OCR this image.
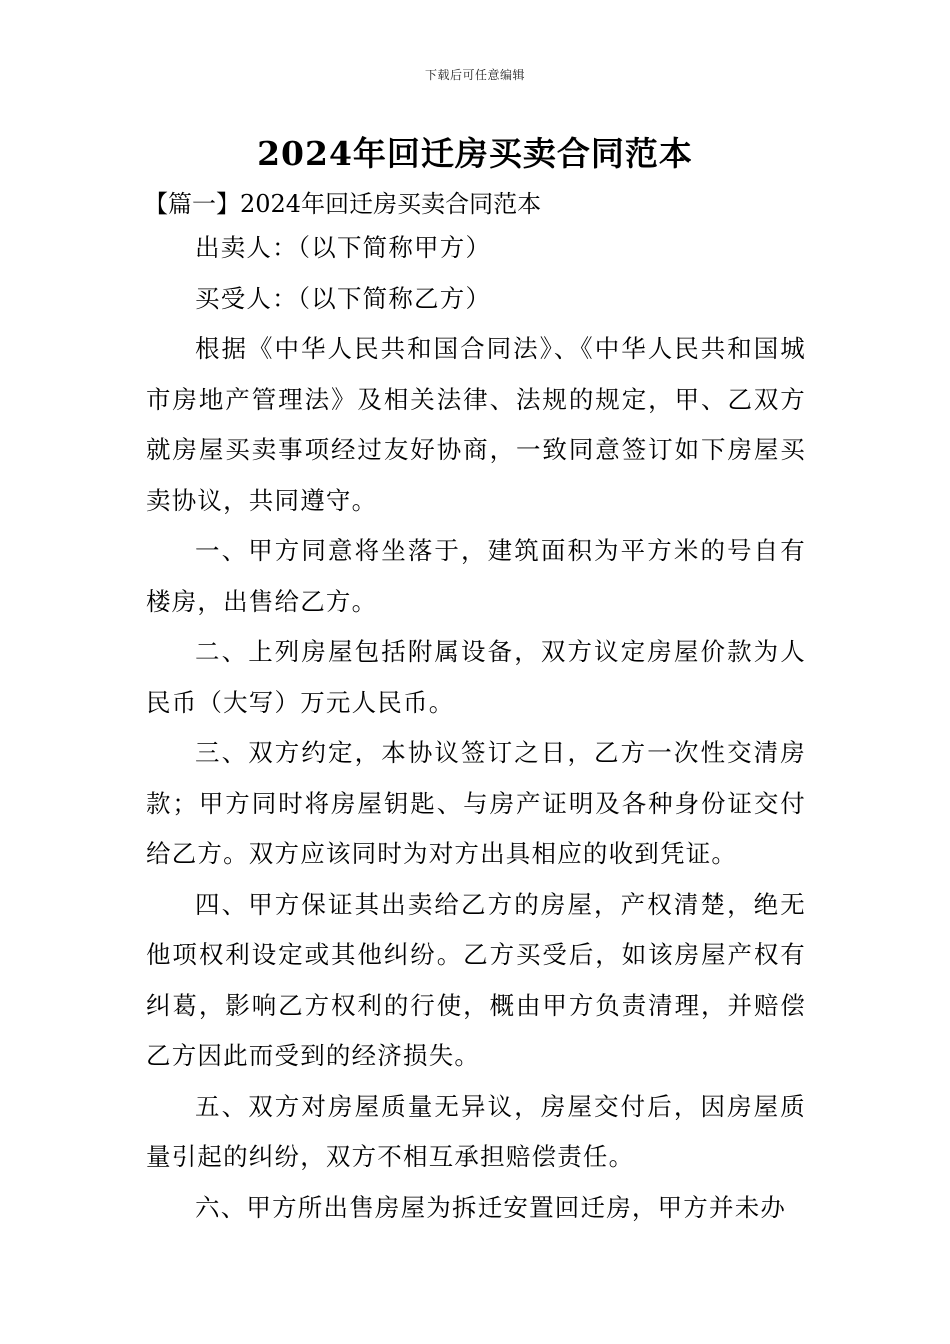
下载后可任意编辑
2024年回迁房买卖合同范本
【篇一】2024年回迁房买卖合同范本

出卖人：（以下简称甲方）

买受人：（以下简称乙方）

根据《中华人民共和国合同法》、《中华人民共和国城市房地产管理法》及相关法律、法规的规定，甲、乙双方就房屋买卖事项经过友好协商，一致同意签订如下房屋买卖协议，共同遵守。

一、甲方同意将坐落于，建筑面积为平方米的号自有楼房，出售给乙方。

二、上列房屋包括附属设备，双方议定房屋价款为人民币（大写）万元人民币。

三、双方约定，本协议签订之日，乙方一次性交清房款；甲方同时将房屋钥匙、与房产证明及各种身份证交付给乙方。双方应该同时为对方出具相应的收到凭证。

四、甲方保证其出卖给乙方的房屋，产权清楚，绝无他项权利设定或其他纠纷。乙方买受后，如该房屋产权有纠葛，影响乙方权利的行使，概由甲方负责清理，并赔偿乙方因此而受到的经济损失。

五、双方对房屋质量无异议，房屋交付后，因房屋质量引起的纠纷，双方不相互承担赔偿责任。

六、甲方所出售房屋为拆迁安置回迁房，甲方并未办
